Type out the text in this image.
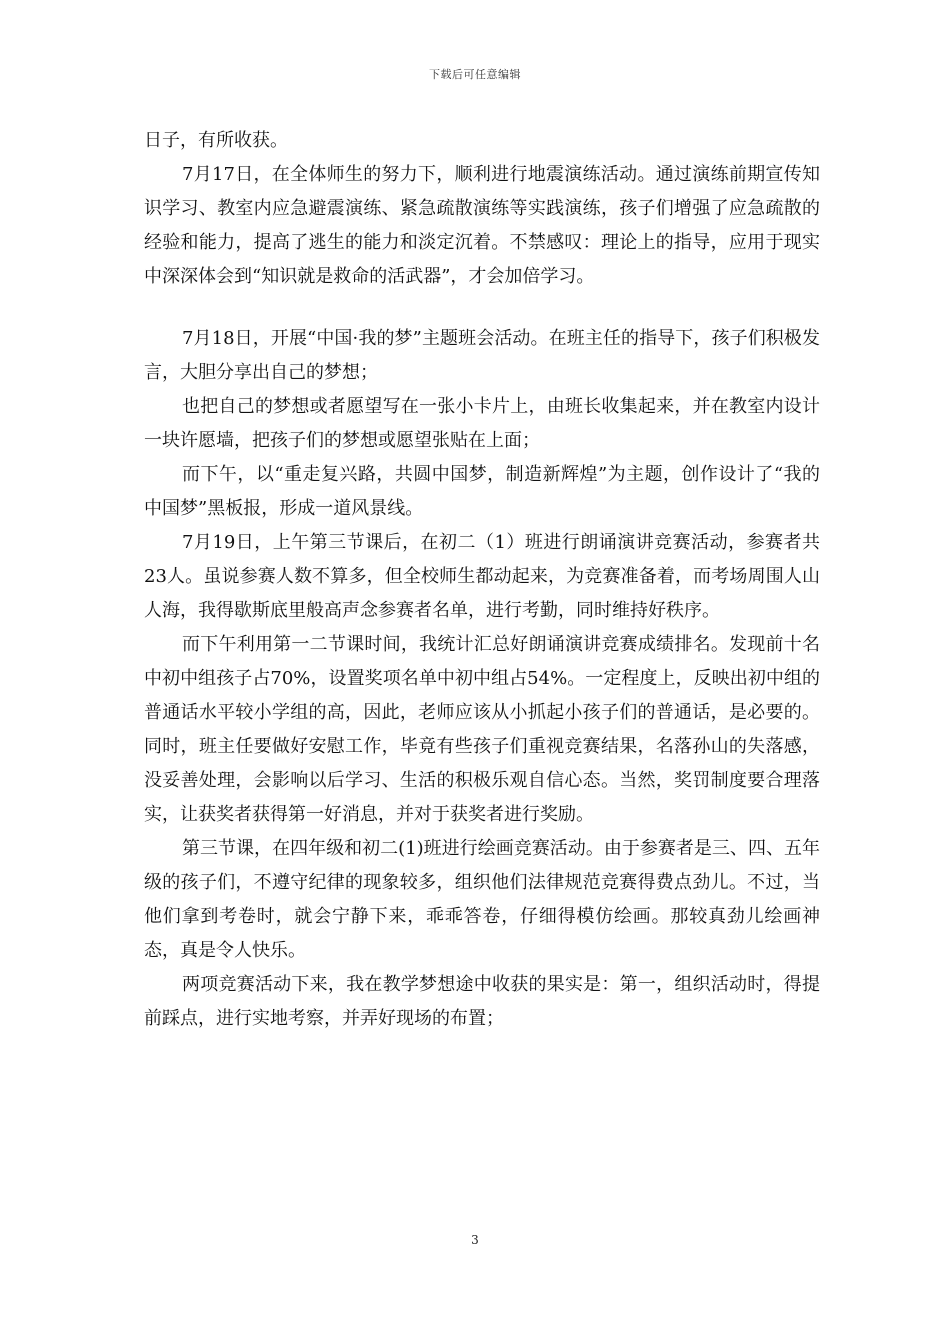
下载后可任意编辑

日子，有所收获。

7月17日，在全体师生的努力下，顺利进行地震演练活动。通过演练前期宣传知识学习、教室内应急避震演练、紧急疏散演练等实践演练，孩子们增强了应急疏散的经验和能力，提高了逃生的能力和淡定沉着。不禁感叹：理论上的指导，应用于现实中深深体会到“知识就是救命的活武器”，才会加倍学习。

7月18日，开展“中国·我的梦”主题班会活动。在班主任的指导下，孩子们积极发言，大胆分享出自己的梦想；

也把自己的梦想或者愿望写在一张小卡片上，由班长收集起来，并在教室内设计一块许愿墙，把孩子们的梦想或愿望张贴在上面；

而下午，以“重走复兴路，共圆中国梦，制造新辉煌”为主题，创作设计了“我的中国梦”黑板报，形成一道风景线。

7月19日，上午第三节课后，在初二（1）班进行朗诵演讲竞赛活动，参赛者共23人。虽说参赛人数不算多，但全校师生都动起来，为竞赛准备着，而考场周围人山人海，我得歇斯底里般高声念参赛者名单，进行考勤，同时维持好秩序。

而下午利用第一二节课时间，我统计汇总好朗诵演讲竞赛成绩排名。发现前十名中初中组孩子占70%，设置奖项名单中初中组占54%。一定程度上，反映出初中组的普通话水平较小学组的高，因此，老师应该从小抓起小孩子们的普通话，是必要的。同时，班主任要做好安慰工作，毕竟有些孩子们重视竞赛结果，名落孙山的失落感，没妥善处理，会影响以后学习、生活的积极乐观自信心态。当然，奖罚制度要合理落实，让获奖者获得第一好消息，并对于获奖者进行奖励。

第三节课，在四年级和初二(1)班进行绘画竞赛活动。由于参赛者是三、四、五年级的孩子们，不遵守纪律的现象较多，组织他们法律规范竞赛得费点劲儿。不过，当他们拿到考卷时，就会宁静下来，乖乖答卷，仔细得模仿绘画。那较真劲儿绘画神态，真是令人快乐。

两项竞赛活动下来，我在教学梦想途中收获的果实是：第一，组织活动时，得提前踩点，进行实地考察，并弄好现场的布置；

3
